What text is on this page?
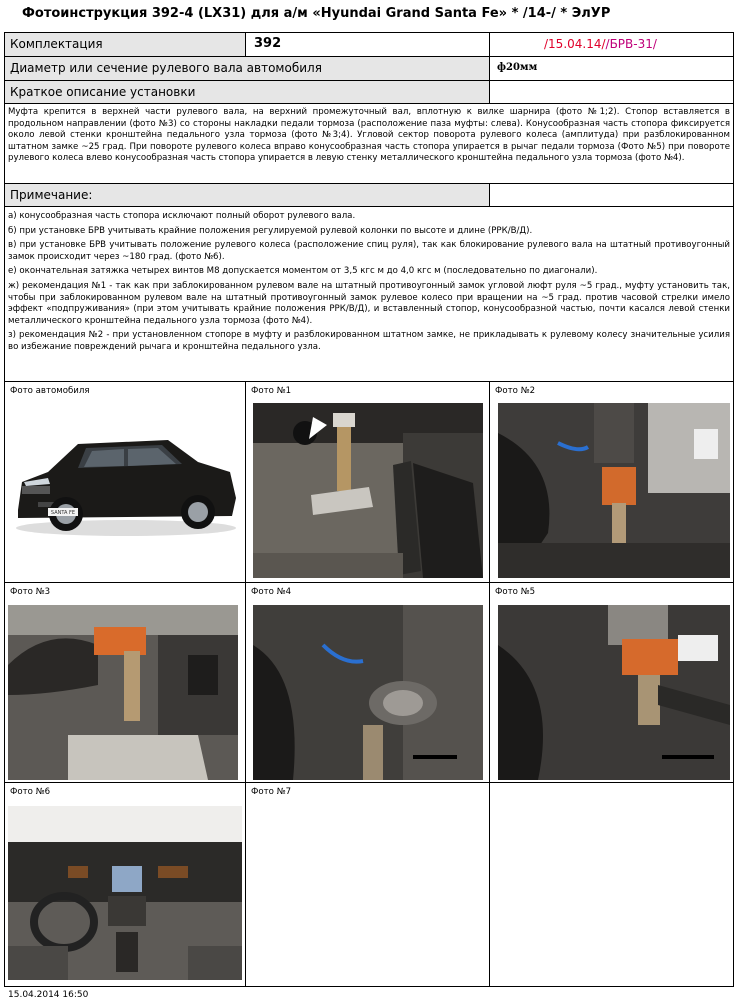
Фотоинструкция 392-4 (LX31) для а/м «Hyundai Grand Santa Fe» * /14-/ * ЭлУР
Комплектация	392	/15.04.14//БРВ-31/
Диаметр или сечение рулевого вала автомобиля	ф20мм
Краткое описание установки
Муфта крепится в верхней части рулевого вала, на верхний промежуточный вал, вплотную к вилке шарнира (фото №1;2). Стопор вставляется в продольном направлении (фото №3) со стороны накладки педали тормоза (расположение паза муфты: слева). Конусообразная часть стопора фиксируется около левой стенки кронштейна педального узла тормоза (фото №3;4). Угловой сектор поворота рулевого колеса (амплитуда) при разблокированном штатном замке ~25 град. При повороте рулевого колеса вправо конусообразная часть стопора упирается в рычаг педали тормоза (Фото №5) при повороте рулевого колеса влево конусообразная часть стопора упирается в левую стенку металлического кронштейна педального узла тормоза (фото №4).
Примечание:
а) конусообразная часть стопора исключают полный оборот рулевого вала.
б) при установке БРВ учитывать крайние положения регулируемой рулевой колонки по высоте и длине (РРК/В/Д).
в) при установке БРВ учитывать положение рулевого колеса (расположение спиц руля), так как блокирование рулевого вала на штатный противоугонный замок происходит через ~180 град. (фото №6).
е) окончательная затяжка четырех винтов М8 допускается моментом от 3,5 кгс м до 4,0 кгс м (последовательно по диагонали).
ж) рекомендация №1 - так как при заблокированном рулевом вале на штатный противоугонный замок угловой люфт руля ~5 град., муфту установить так, чтобы при заблокированном рулевом вале на штатный противоугонный замок рулевое колесо при вращении на ~5 град. против часовой стрелки имело эффект «подпруживания» (при этом учитывать крайние положения РРК/В/Д), и вставленный стопор, конусообразной частью, почти касался левой стенки металлического кронштейна педального узла тормоза (фото №4).
з) рекомендация №2 - при установленном стопоре в муфту и разблокированном штатном замке, не прикладывать к рулевому колесу значительные усилия во избежание повреждений рычага и кронштейна педального узла.
Фото автомобиля	Фото №1	Фото №2
Фото №3	Фото №4	Фото №5
Фото №6	Фото №7
SANTA FE
15.04.2014 16:50
